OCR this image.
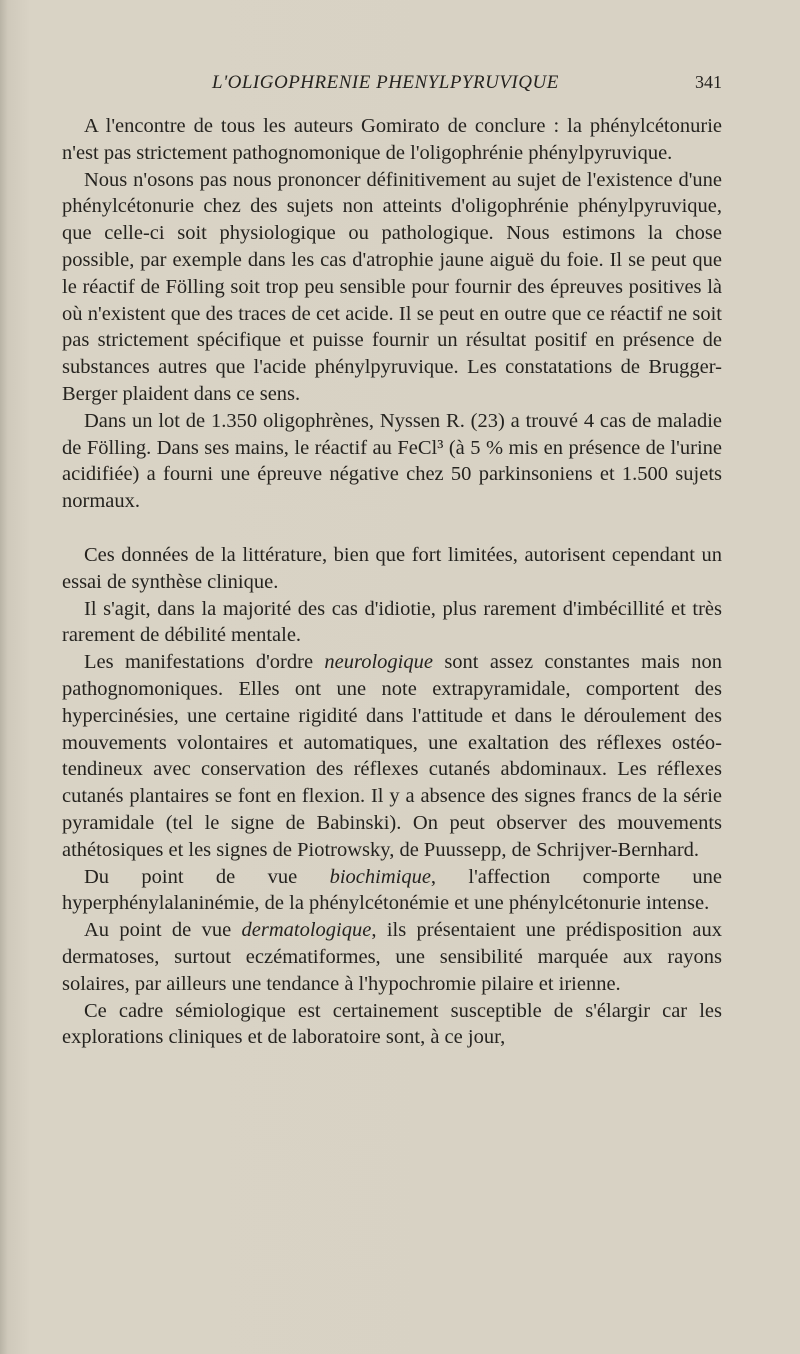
L'OLIGOPHRENIE PHENYLPYRUVIQUE	341

A l'encontre de tous les auteurs Gomirato de conclure : la phénylcétonurie n'est pas strictement pathognomonique de l'oligophrénie phénylpyruvique.

Nous n'osons pas nous prononcer définitivement au sujet de l'existence d'une phénylcétonurie chez des sujets non atteints d'oligophrénie phénylpyruvique, que celle-ci soit physiologique ou pathologique. Nous estimons la chose possible, par exemple dans les cas d'atrophie jaune aiguë du foie. Il se peut que le réactif de Fölling soit trop peu sensible pour fournir des épreuves positives là où n'existent que des traces de cet acide. Il se peut en outre que ce réactif ne soit pas strictement spécifique et puisse fournir un résultat positif en présence de substances autres que l'acide phénylpyruvique. Les constatations de Brugger-Berger plaident dans ce sens.

Dans un lot de 1.350 oligophrènes, Nyssen R. (23) a trouvé 4 cas de maladie de Fölling. Dans ses mains, le réactif au FeCl³ (à 5 % mis en présence de l'urine acidifiée) a fourni une épreuve négative chez 50 parkinsoniens et 1.500 sujets normaux.

Ces données de la littérature, bien que fort limitées, autorisent cependant un essai de synthèse clinique.

Il s'agit, dans la majorité des cas d'idiotie, plus rarement d'imbécillité et très rarement de débilité mentale.

Les manifestations d'ordre neurologique sont assez constantes mais non pathognomoniques. Elles ont une note extrapyramidale, comportent des hypercinésies, une certaine rigidité dans l'attitude et dans le déroulement des mouvements volontaires et automatiques, une exaltation des réflexes ostéo-tendineux avec conservation des réflexes cutanés abdominaux. Les réflexes cutanés plantaires se font en flexion. Il y a absence des signes francs de la série pyramidale (tel le signe de Babinski). On peut observer des mouvements athétosiques et les signes de Piotrowsky, de Puussepp, de Schrijver-Bernhard.

Du point de vue biochimique, l'affection comporte une hyperphénylalaninémie, de la phénylcétonémie et une phénylcétonurie intense.

Au point de vue dermatologique, ils présentaient une prédisposition aux dermatoses, surtout eczématiformes, une sensibilité marquée aux rayons solaires, par ailleurs une tendance à l'hypochromie pilaire et irienne.

Ce cadre sémiologique est certainement susceptible de s'élargir car les explorations cliniques et de laboratoire sont, à ce jour,
